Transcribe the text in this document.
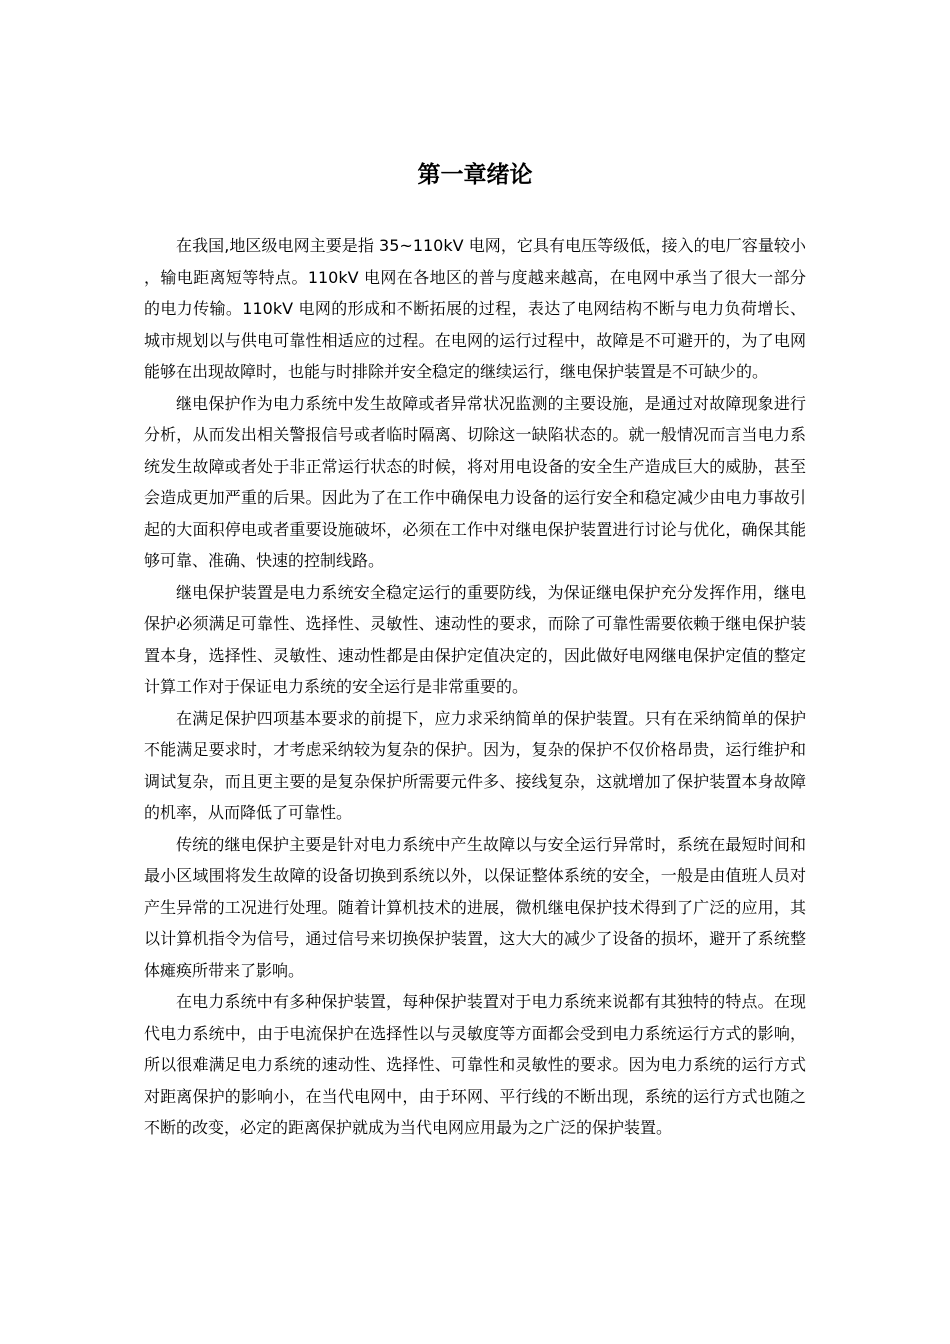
第一章绪论

在我国,地区级电网主要是指 35~110kV 电网，它具有电压等级低，接入的电厂容量较小，输电距离短等特点。110kV 电网在各地区的普与度越来越高，在电网中承当了很大一部分的电力传输。110kV 电网的形成和不断拓展的过程，表达了电网结构不断与电力负荷增长、城市规划以与供电可靠性相适应的过程。在电网的运行过程中，故障是不可避开的，为了电网能够在出现故障时，也能与时排除并安全稳定的继续运行，继电保护装置是不可缺少的。

继电保护作为电力系统中发生故障或者异常状况监测的主要设施，是通过对故障现象进行分析，从而发出相关警报信号或者临时隔离、切除这一缺陷状态的。就一般情况而言当电力系统发生故障或者处于非正常运行状态的时候，将对用电设备的安全生产造成巨大的威胁，甚至会造成更加严重的后果。因此为了在工作中确保电力设备的运行安全和稳定减少由电力事故引起的大面积停电或者重要设施破坏，必须在工作中对继电保护装置进行讨论与优化，确保其能够可靠、准确、快速的控制线路。

继电保护装置是电力系统安全稳定运行的重要防线，为保证继电保护充分发挥作用，继电保护必须满足可靠性、选择性、灵敏性、速动性的要求，而除了可靠性需要依赖于继电保护装置本身，选择性、灵敏性、速动性都是由保护定值决定的，因此做好电网继电保护定值的整定计算工作对于保证电力系统的安全运行是非常重要的。

在满足保护四项基本要求的前提下，应力求采纳简单的保护装置。只有在采纳简单的保护不能满足要求时，才考虑采纳较为复杂的保护。因为，复杂的保护不仅价格昂贵，运行维护和调试复杂，而且更主要的是复杂保护所需要元件多、接线复杂，这就增加了保护装置本身故障的机率，从而降低了可靠性。

传统的继电保护主要是针对电力系统中产生故障以与安全运行异常时，系统在最短时间和最小区域围将发生故障的设备切换到系统以外，以保证整体系统的安全，一般是由值班人员对产生异常的工况进行处理。随着计算机技术的进展，微机继电保护技术得到了广泛的应用，其以计算机指令为信号，通过信号来切换保护装置，这大大的减少了设备的损坏，避开了系统整体瘫痪所带来了影响。

在电力系统中有多种保护装置，每种保护装置对于电力系统来说都有其独特的特点。在现代电力系统中，由于电流保护在选择性以与灵敏度等方面都会受到电力系统运行方式的影响，所以很难满足电力系统的速动性、选择性、可靠性和灵敏性的要求。因为电力系统的运行方式对距离保护的影响小，在当代电网中，由于环网、平行线的不断出现，系统的运行方式也随之不断的改变，必定的距离保护就成为当代电网应用最为之广泛的保护装置。
